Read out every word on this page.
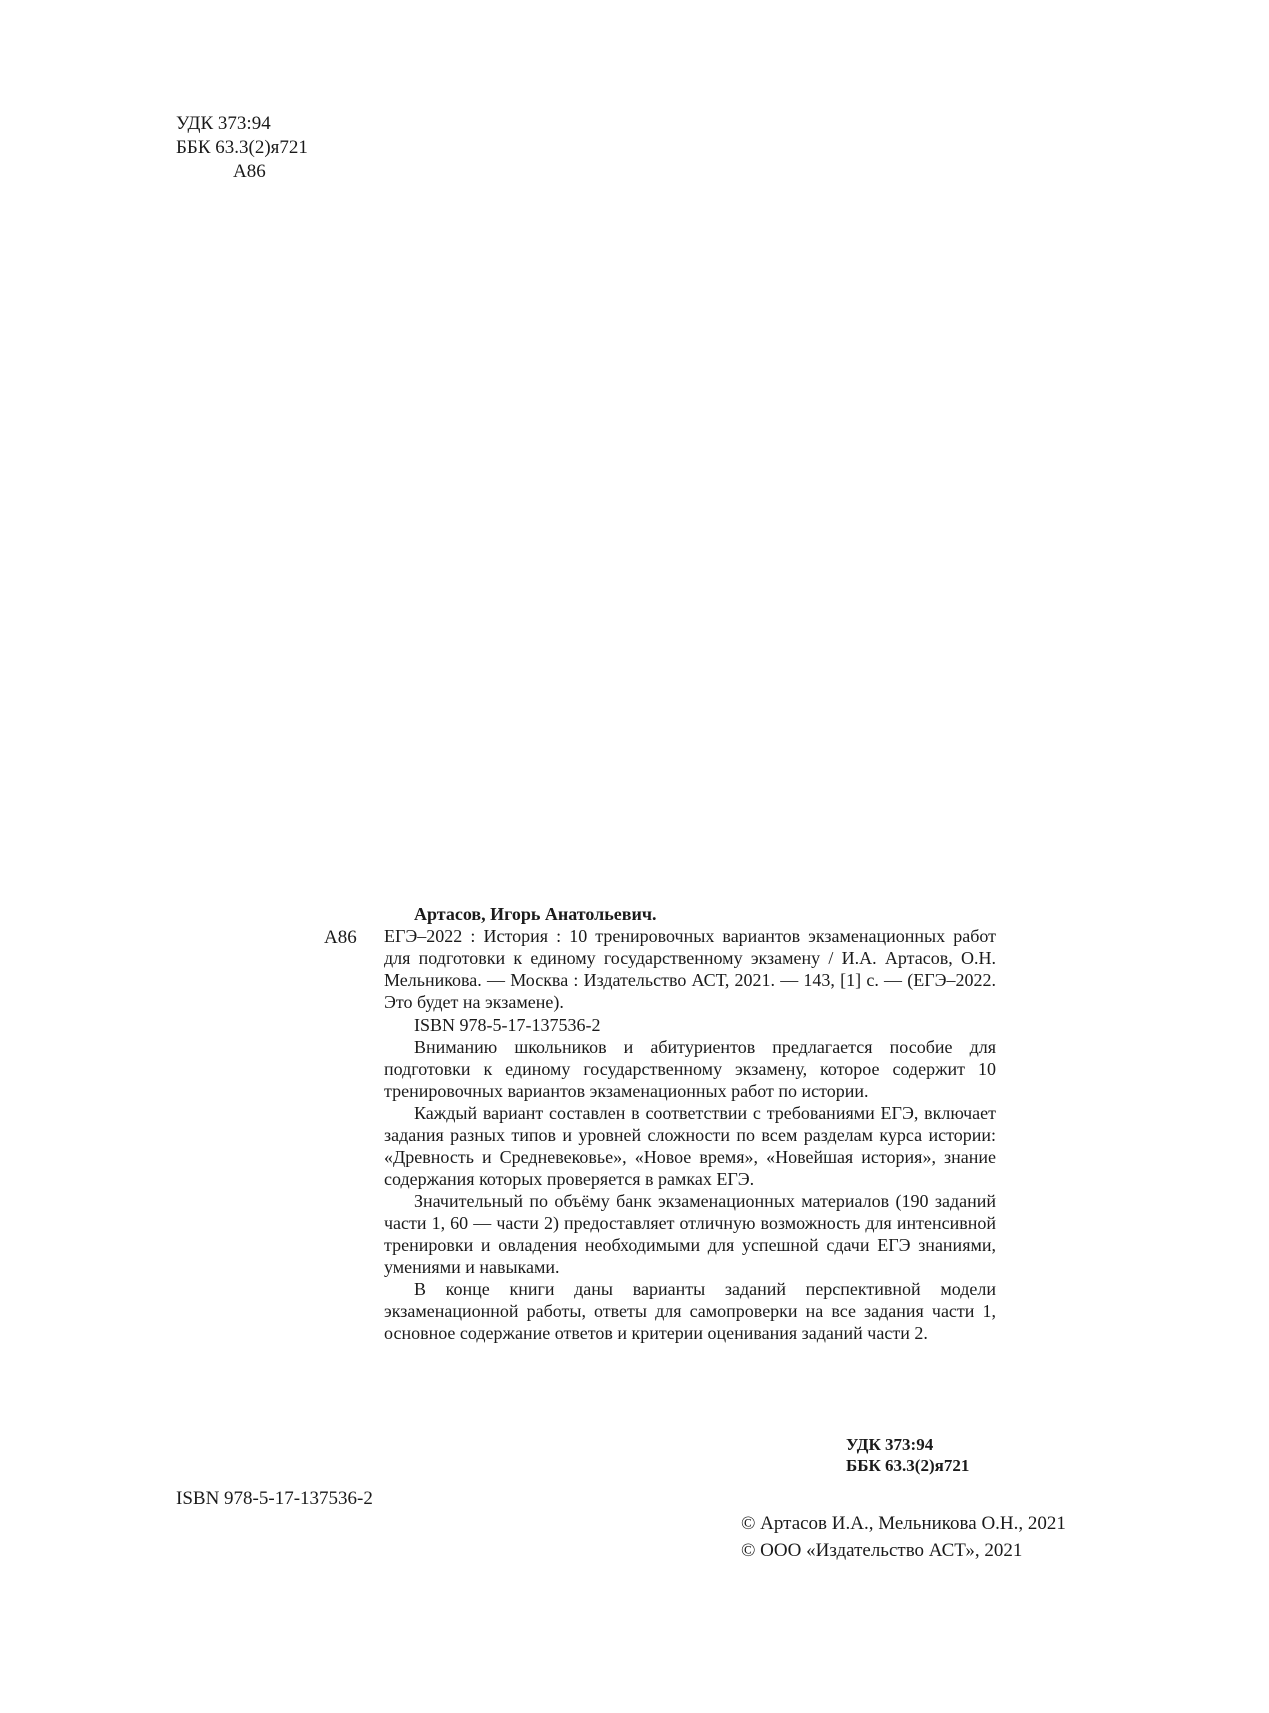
УДК 373:94
ББК 63.3(2)я721
А86
А86

Артасов, Игорь Анатольевич.

ЕГЭ–2022 : История : 10 тренировочных вариантов экзаменационных работ для подготовки к единому государственному экзамену / И.А. Артасов, О.Н. Мельникова. — Москва : Издательство АСТ, 2021. — 143, [1] с. — (ЕГЭ–2022. Это будет на экзамене).

ISBN 978-5-17-137536-2

Вниманию школьников и абитуриентов предлагается пособие для подготовки к единому государственному экзамену, которое содержит 10 тренировочных вариантов экзаменационных работ по истории.

Каждый вариант составлен в соответствии с требованиями ЕГЭ, включает задания разных типов и уровней сложности по всем разделам курса истории: «Древность и Средневековье», «Новое время», «Новейшая история», знание содержания которых проверяется в рамках ЕГЭ.

Значительный по объёму банк экзаменационных материалов (190 заданий части 1, 60 — части 2) предоставляет отличную возможность для интенсивной тренировки и овладения необходимыми для успешной сдачи ЕГЭ знаниями, умениями и навыками.

В конце книги даны варианты заданий перспективной модели экзаменационной работы, ответы для самопроверки на все задания части 1, основное содержание ответов и критерии оценивания заданий части 2.

УДК 373:94
ББК 63.3(2)я721
ISBN 978-5-17-137536-2
© Артасов И.А., Мельникова О.Н., 2021
© ООО «Издательство АСТ», 2021
